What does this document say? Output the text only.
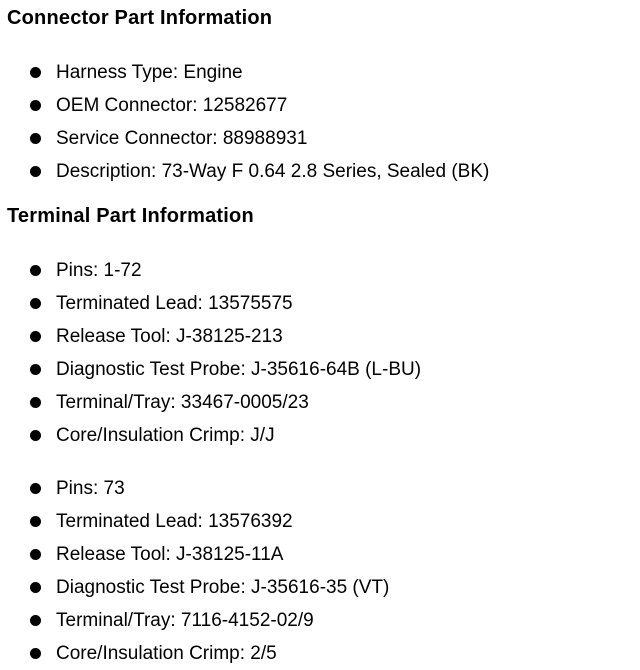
Connector Part Information
Harness Type: Engine
OEM Connector: 12582677
Service Connector: 88988931
Description: 73-Way F 0.64 2.8 Series, Sealed (BK)
Terminal Part Information
Pins: 1-72
Terminated Lead: 13575575
Release Tool: J-38125-213
Diagnostic Test Probe: J-35616-64B (L-BU)
Terminal/Tray: 33467-0005/23
Core/Insulation Crimp: J/J
Pins: 73
Terminated Lead: 13576392
Release Tool: J-38125-11A
Diagnostic Test Probe: J-35616-35 (VT)
Terminal/Tray: 7116-4152-02/9
Core/Insulation Crimp: 2/5
